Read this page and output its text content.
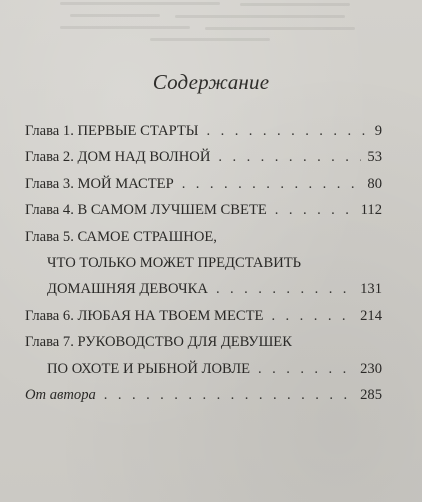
Содержание
Глава 1. ПЕРВЫЕ СТАРТЫ . . .	9
Глава 2. ДОМ НАД ВОЛНОЙ . . .	53
Глава 3. МОЙ МАСТЕР . . .	80
Глава 4. В САМОМ ЛУЧШЕМ СВЕТЕ . . .	112
Глава 5. САМОЕ СТРАШНОЕ,
ЧТО ТОЛЬКО МОЖЕТ ПРЕДСТАВИТЬ
ДОМАШНЯЯ ДЕВОЧКА . . .	131
Глава 6. ЛЮБАЯ НА ТВОЕМ МЕСТЕ . . .	214
Глава 7. РУКОВОДСТВО ДЛЯ ДЕВУШЕК
ПО ОХОТЕ И РЫБНОЙ ЛОВЛЕ . . .	230
От автора . . .	285
